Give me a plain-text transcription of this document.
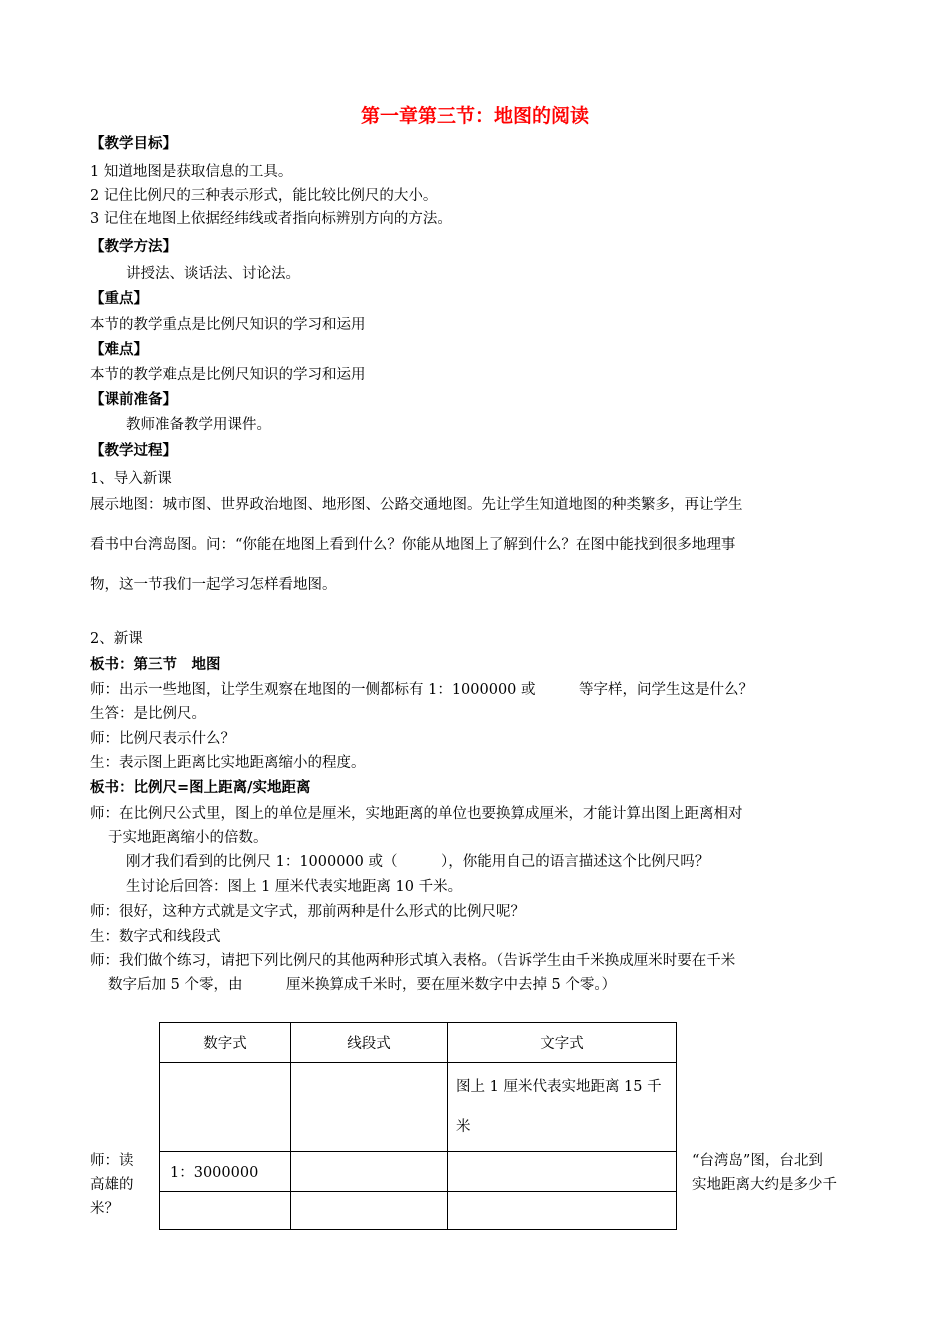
第一章第三节：地图的阅读
【教学目标】
1 知道地图是获取信息的工具。
2 记住比例尺的三种表示形式，能比较比例尺的大小。
3 记住在地图上依据经纬线或者指向标辨别方向的方法。
【教学方法】
讲授法、谈话法、讨论法。
【重点】
本节的教学重点是比例尺知识的学习和运用
【难点】
本节的教学难点是比例尺知识的学习和运用
【课前准备】
教师准备教学用课件。
【教学过程】
1、导入新课
展示地图：城市图、世界政治地图、地形图、公路交通地图。先让学生知道地图的种类繁多，再让学生
看书中台湾岛图。问：“你能在地图上看到什么？你能从地图上了解到什么？在图中能找到很多地理事
物，这一节我们一起学习怎样看地图。
2、新课
板书：第三节　地图
师：出示一些地图，让学生观察在地图的一侧都标有 1：1000000 或　　　等字样，问学生这是什么？
生答：是比例尺。
师：比例尺表示什么？
生：表示图上距离比实地距离缩小的程度。
板书：比例尺=图上距离/实地距离
师：在比例尺公式里，图上的单位是厘米，实地距离的单位也要换算成厘米，才能计算出图上距离相对
于实地距离缩小的倍数。
刚才我们看到的比例尺 1：1000000 或（　　　），你能用自己的语言描述这个比例尺吗？
生讨论后回答：图上 1 厘米代表实地距离 10 千米。
师：很好，这种方式就是文字式，那前两种是什么形式的比例尺呢？
生：数字式和线段式
师：我们做个练习，请把下列比例尺的其他两种形式填入表格。（告诉学生由千米换成厘米时要在千米
数字后加 5 个零，由　　　厘米换算成千米时，要在厘米数字中去掉 5 个零。）
数字式	线段式	文字式
		图上 1 厘米代表实地距离 15 千米
1：3000000		

师：读
高雄的
米？
“台湾岛”图，台北到
实地距离大约是多少千
